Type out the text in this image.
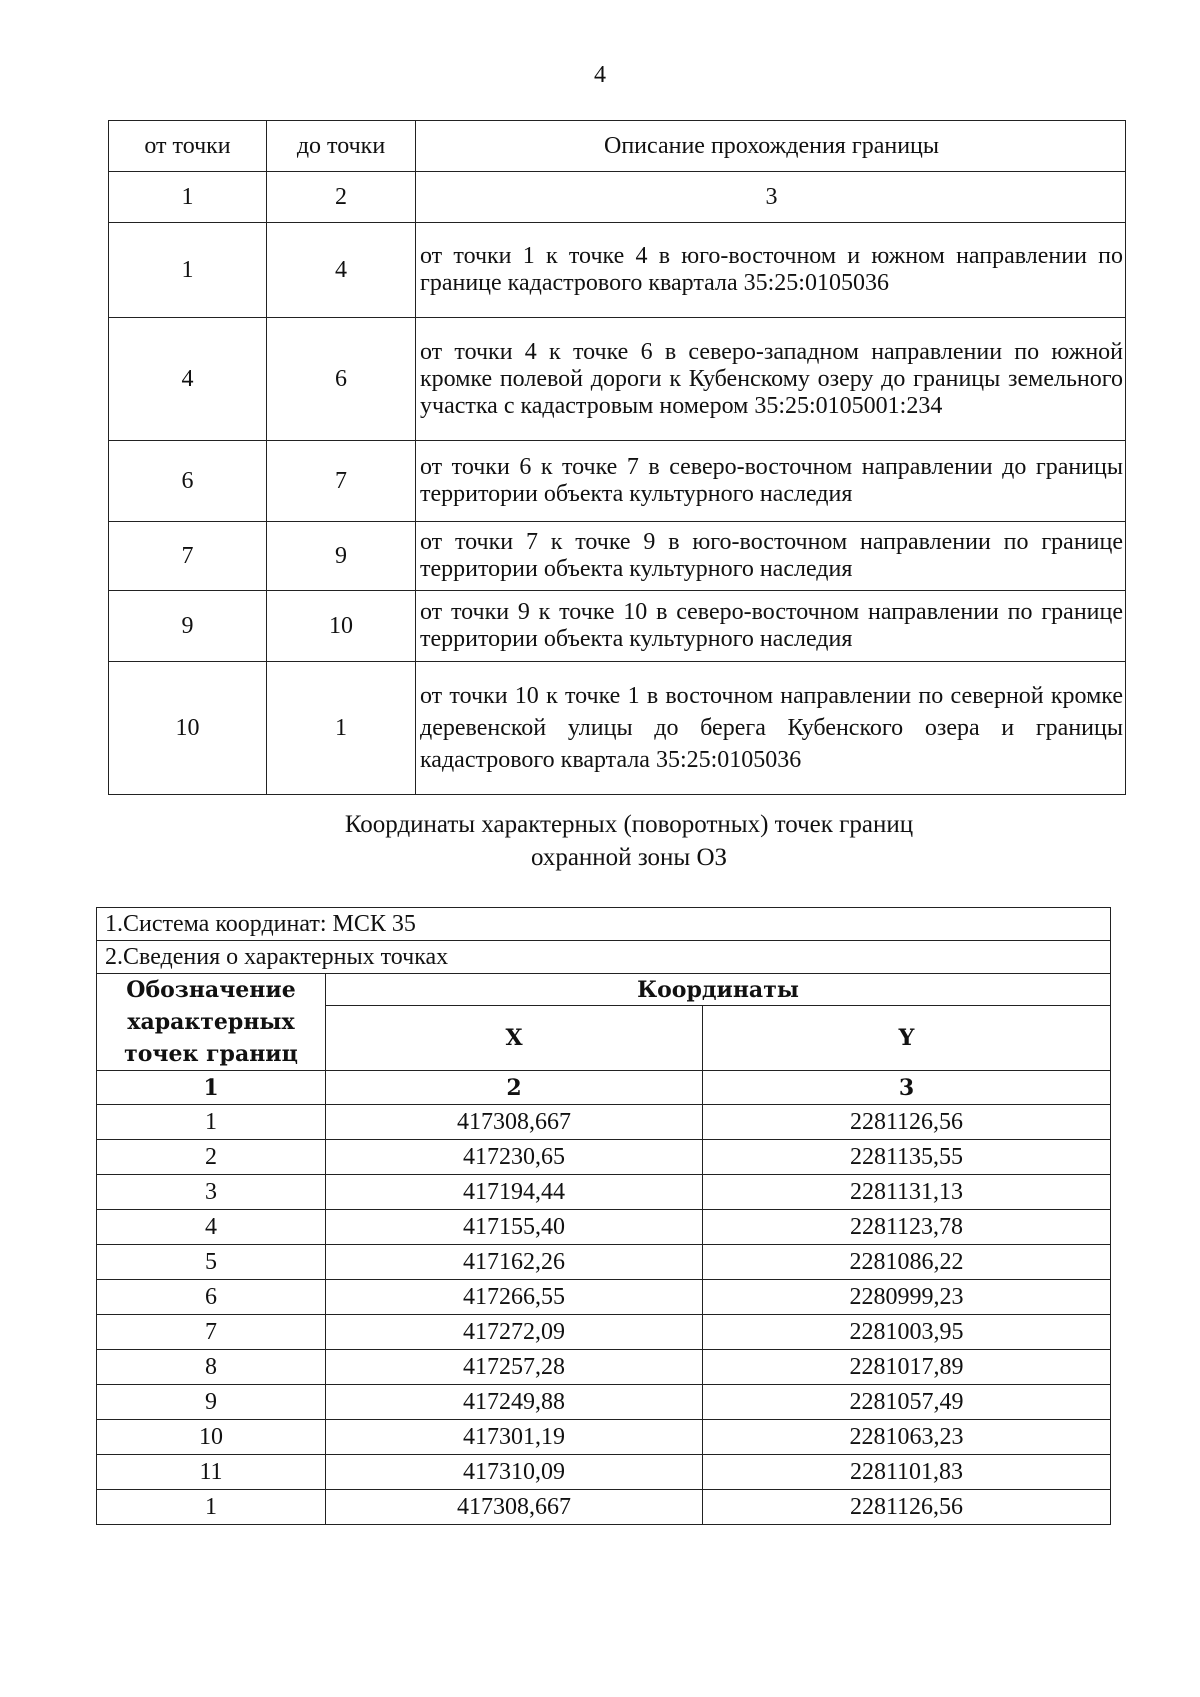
4
от точки	до точки	Описание прохождения границы
1	2	3
1	4	от точки 1 к точке 4 в юго-восточном и южном направлении по границе кадастрового квартала 35:25:0105036
4	6	от точки 4 к точке 6 в северо-западном направлении по южной кромке полевой дороги к Кубенскому озеру до границы земельного участка с кадастровым номером 35:25:0105001:234
6	7	от точки 6 к точке 7 в северо-восточном направлении до границы территории объекта культурного наследия
7	9	от точки 7 к точке 9 в юго-восточном направлении по границе территории объекта культурного наследия
9	10	от точки 9 к точке 10 в северо-восточном направлении по границе территории объекта культурного наследия
10	1	от точки 10 к точке 1 в восточном направлении по северной кромке деревенской улицы до берега Кубенского озера и границы кадастрового квартала 35:25:0105036
Координаты характерных (поворотных) точек границ
охранной зоны ОЗ
1.Система координат: МСК 35		
2.Сведения о характерных точках		
Обозначение характерных точек границ	Координаты	
	X	Y
1	2	3
1	417308,667	2281126,56
2	417230,65	2281135,55
3	417194,44	2281131,13
4	417155,40	2281123,78
5	417162,26	2281086,22
6	417266,55	2280999,23
7	417272,09	2281003,95
8	417257,28	2281017,89
9	417249,88	2281057,49
10	417301,19	2281063,23
11	417310,09	2281101,83
1	417308,667	2281126,56
